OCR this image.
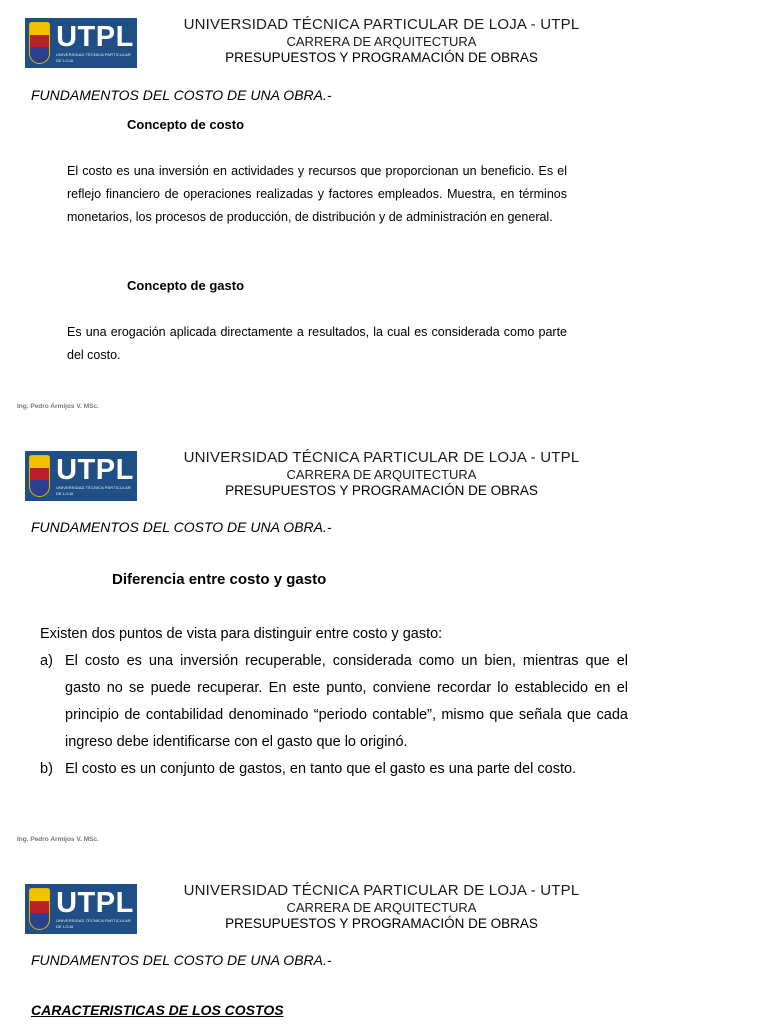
UTPL
UNIVERSIDAD TÉCNICA PARTICULAR DE LOJA
UNIVERSIDAD TÉCNICA PARTICULAR DE LOJA - UTPL
CARRERA DE ARQUITECTURA
PRESUPUESTOS Y PROGRAMACIÓN DE OBRAS
FUNDAMENTOS DEL COSTO DE UNA OBRA.-
Concepto de costo

El costo es una inversión en actividades y recursos que proporcionan un beneficio. Es el reflejo financiero de operaciones realizadas y factores empleados. Muestra, en términos monetarios, los procesos de producción, de distribución y de administración en general.

Concepto de gasto

Es una erogación aplicada directamente a resultados, la cual es considerada como parte del costo.

Ing. Pedro Armijos V. MSc.
UTPL
UNIVERSIDAD TÉCNICA PARTICULAR DE LOJA
UNIVERSIDAD TÉCNICA PARTICULAR DE LOJA - UTPL
CARRERA DE ARQUITECTURA
PRESUPUESTOS Y PROGRAMACIÓN DE OBRAS
FUNDAMENTOS DEL COSTO DE UNA OBRA.-
Diferencia entre costo y gasto
Existen dos puntos de vista para distinguir entre costo y gasto:
a) El costo es una inversión recuperable, considerada como un bien, mientras que el gasto no se puede recuperar. En este punto, conviene recordar lo establecido en el principio de contabilidad denominado “periodo contable”, mismo que señala que cada ingreso debe identificarse con el gasto que lo originó.
b) El costo es un conjunto de gastos, en tanto que el gasto es una parte del costo.
Ing. Pedro Armijos V. MSc.
UTPL
UNIVERSIDAD TÉCNICA PARTICULAR DE LOJA
UNIVERSIDAD TÉCNICA PARTICULAR DE LOJA - UTPL
CARRERA DE ARQUITECTURA
PRESUPUESTOS Y PROGRAMACIÓN DE OBRAS
FUNDAMENTOS DEL COSTO DE UNA OBRA.-
CARACTERISTICAS DE LOS COSTOS
